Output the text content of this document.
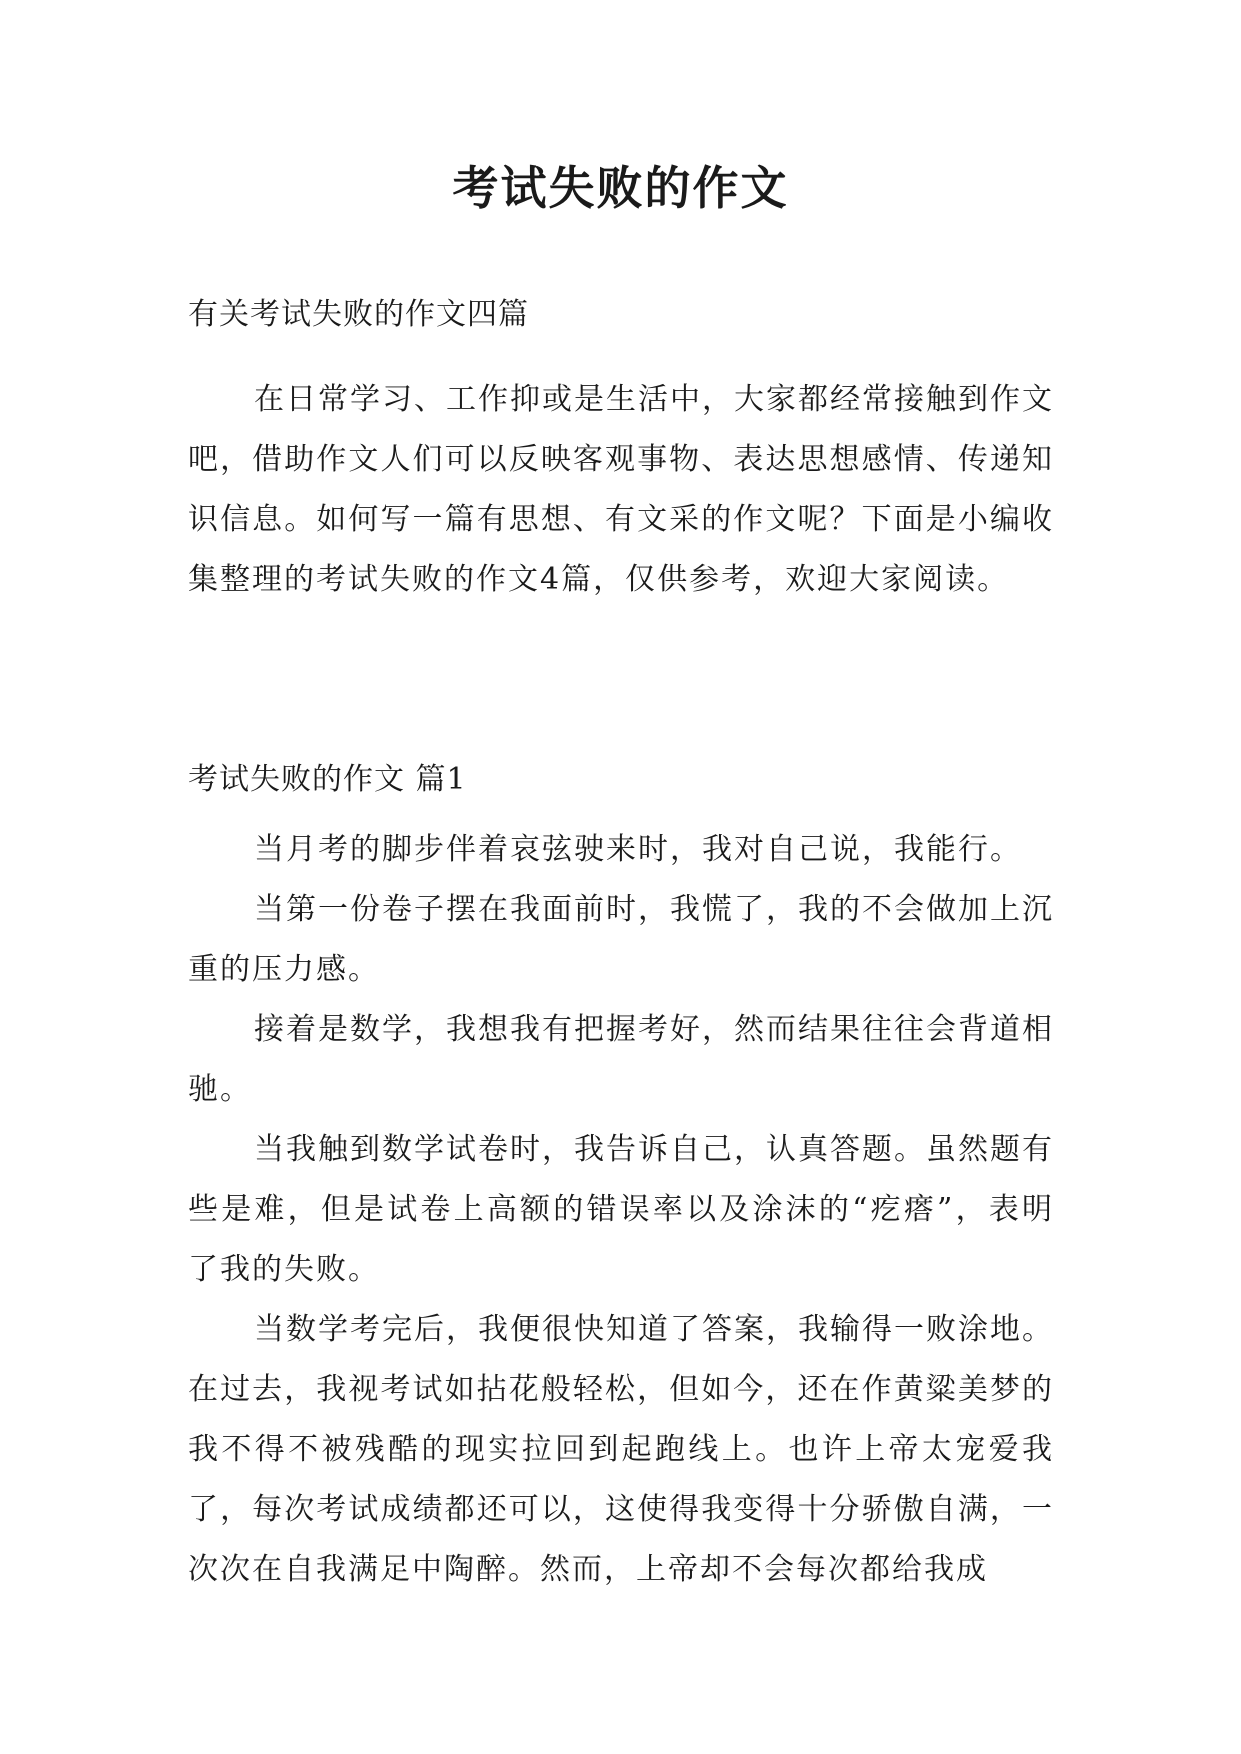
考试失败的作文

有关考试失败的作文四篇

在日常学习、工作抑或是生活中，大家都经常接触到作文吧，借助作文人们可以反映客观事物、表达思想感情、传递知识信息。如何写一篇有思想、有文采的作文呢？下面是小编收集整理的考试失败的作文4篇，仅供参考，欢迎大家阅读。

考试失败的作文 篇1

当月考的脚步伴着哀弦驶来时，我对自己说，我能行。

当第一份卷子摆在我面前时，我慌了，我的不会做加上沉重的压力感。

接着是数学，我想我有把握考好，然而结果往往会背道相驰。

当我触到数学试卷时，我告诉自己，认真答题。虽然题有些是难，但是试卷上高额的错误率以及涂沫的“疙瘩”，表明了我的失败。

当数学考完后，我便很快知道了答案，我输得一败涂地。在过去，我视考试如拈花般轻松，但如今，还在作黄粱美梦的我不得不被残酷的现实拉回到起跑线上。也许上帝太宠爱我了，每次考试成绩都还可以，这使得我变得十分骄傲自满，一次次在自我满足中陶醉。然而，上帝却不会每次都给我成
